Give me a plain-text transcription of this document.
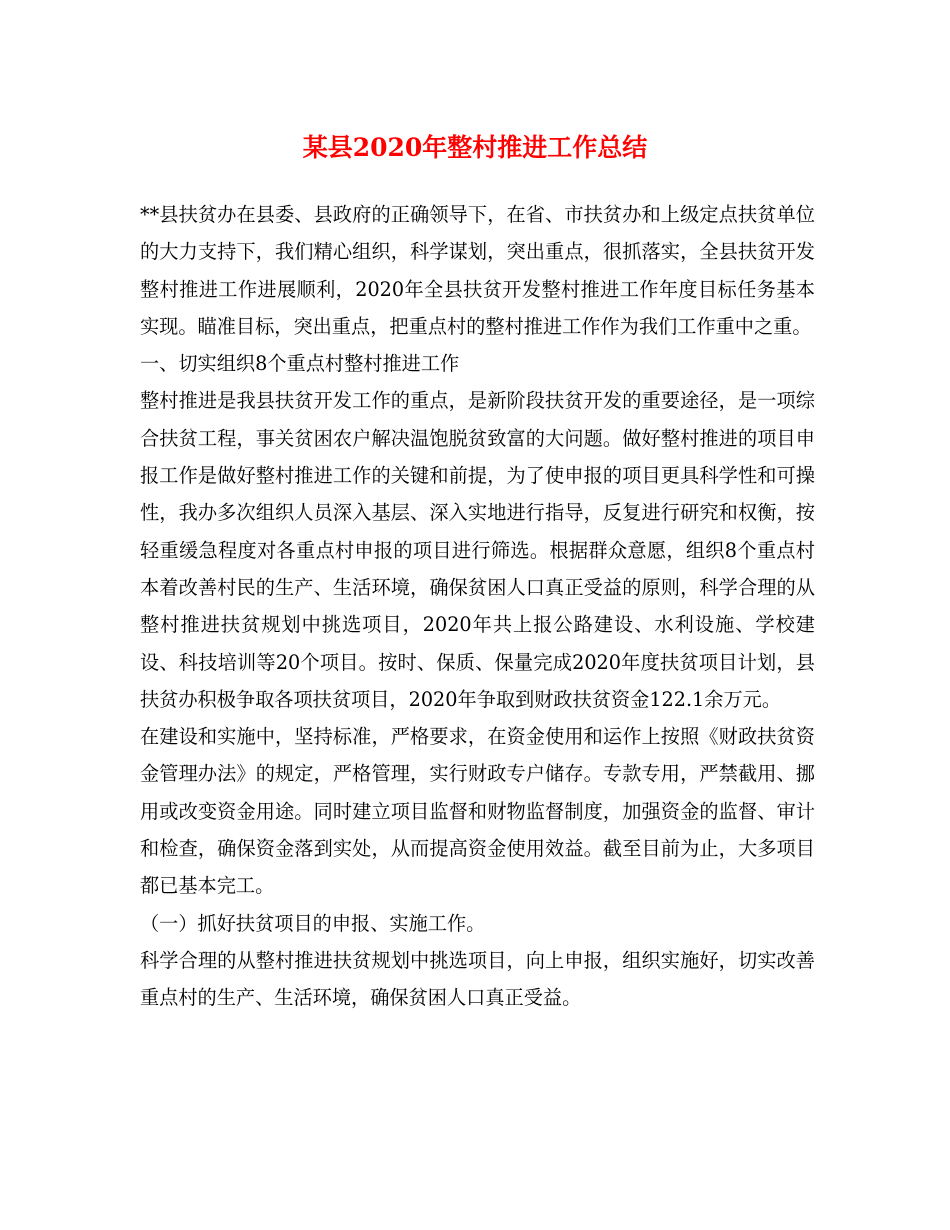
某县2020年整村推进工作总结

**县扶贫办在县委、县政府的正确领导下，在省、市扶贫办和上级定点扶贫单位的大力支持下，我们精心组织，科学谋划，突出重点，很抓落实，全县扶贫开发整村推进工作进展顺利，2020年全县扶贫开发整村推进工作年度目标任务基本实现。瞄准目标，突出重点，把重点村的整村推进工作作为我们工作重中之重。

一、切实组织8个重点村整村推进工作

整村推进是我县扶贫开发工作的重点，是新阶段扶贫开发的重要途径，是一项综合扶贫工程，事关贫困农户解决温饱脱贫致富的大问题。做好整村推进的项目申报工作是做好整村推进工作的关键和前提，为了使申报的项目更具科学性和可操性，我办多次组织人员深入基层、深入实地进行指导，反复进行研究和权衡，按轻重缓急程度对各重点村申报的项目进行筛选。根据群众意愿，组织8个重点村本着改善村民的生产、生活环境，确保贫困人口真正受益的原则，科学合理的从整村推进扶贫规划中挑选项目，2020年共上报公路建设、水利设施、学校建设、科技培训等20个项目。按时、保质、保量完成2020年度扶贫项目计划，县扶贫办积极争取各项扶贫项目，2020年争取到财政扶贫资金122.1余万元。

在建设和实施中，坚持标准，严格要求，在资金使用和运作上按照《财政扶贫资金管理办法》的规定，严格管理，实行财政专户储存。专款专用，严禁截用、挪用或改变资金用途。同时建立项目监督和财物监督制度，加强资金的监督、审计和检查，确保资金落到实处，从而提高资金使用效益。截至目前为止，大多项目都已基本完工。

（一）抓好扶贫项目的申报、实施工作。

科学合理的从整村推进扶贫规划中挑选项目，向上申报，组织实施好，切实改善重点村的生产、生活环境，确保贫困人口真正受益。
